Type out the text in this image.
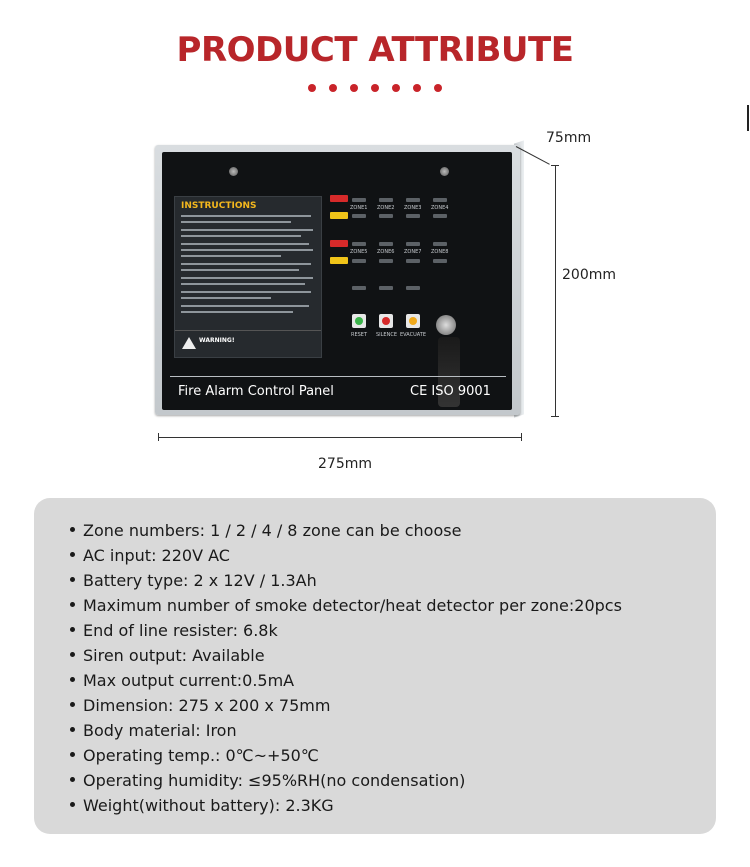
PRODUCT ATTRIBUTE
INSTRUCTIONS
WARNING!
ZONE1 ZONE2 ZONE3 ZONE4
ZONE5 ZONE6 ZONE7 ZONE8
RESET SILENCE EVACUATE
Fire Alarm Control Panel	CE ISO 9001
75mm
200mm
275mm
Zone numbers: 1 / 2 / 4 / 8 zone can be choose
AC input: 220V AC
Battery type: 2 x 12V / 1.3Ah
Maximum number of smoke detector/heat detector per zone:20pcs
End of line resister: 6.8k
Siren output: Available
Max output current:0.5mA
Dimension: 275 x 200 x 75mm
Body material: Iron
Operating temp.: 0℃~+50℃
Operating humidity: ≤95%RH(no condensation)
Weight(without battery): 2.3KG
